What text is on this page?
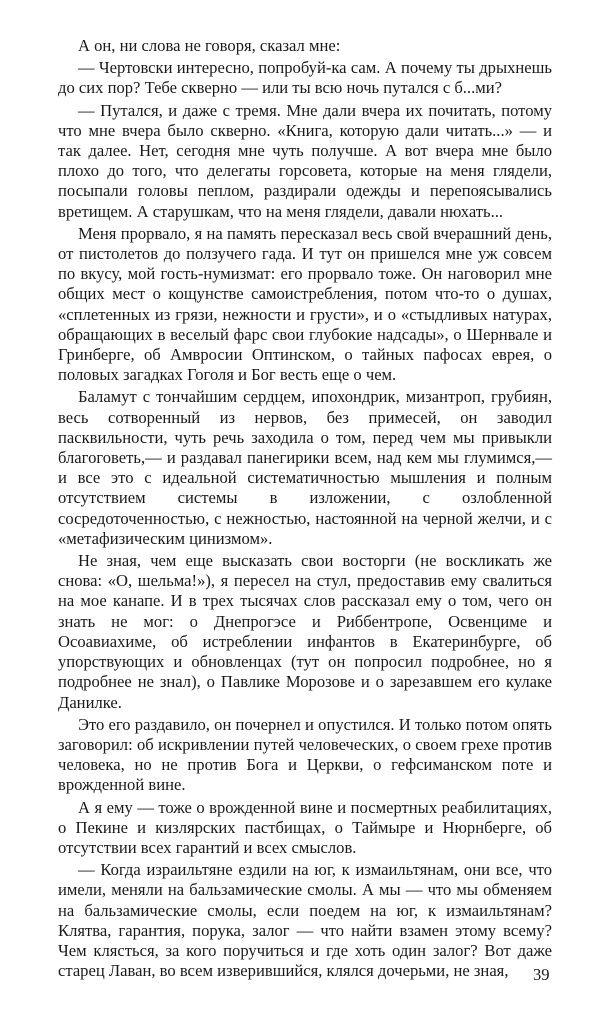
А он, ни слова не говоря, сказал мне:

— Чертовски интересно, попробуй-ка сам. А почему ты дрыхнешь до сих пор? Тебе скверно — или ты всю ночь путался с б...ми?

— Путался, и даже с тремя. Мне дали вчера их почитать, потому что мне вчера было скверно. «Книга, которую дали читать...» — и так далее. Нет, сегодня мне чуть получше. А вот вчера мне было плохо до того, что делегаты горсовета, которые на меня глядели, посыпали головы пеплом, раздирали одежды и перепоясывались вретищем. А старушкам, что на меня глядели, давали нюхать...

Меня прорвало, я на память пересказал весь свой вчерашний день, от пистолетов до ползучего гада. И тут он пришелся мне уж совсем по вкусу, мой гость-нумизмат: его прорвало тоже. Он наговорил мне общих мест о кощунстве самоистребления, потом что-то о душах, «сплетенных из грязи, нежности и грусти», и о «стыдливых натурах, обращающих в веселый фарс свои глубокие надсады», о Шернвале и Гринберге, об Амвросии Оптинском, о тайных пафосах еврея, о половых загадках Гоголя и Бог весть еще о чем.

Баламут с тончайшим сердцем, ипохондрик, мизантроп, грубиян, весь сотворенный из нервов, без примесей, он заводил пасквильности, чуть речь заходила о том, перед чем мы привыкли благоговеть,— и раздавал панегирики всем, над кем мы глумимся,— и все это с идеальной систематичностью мышления и полным отсутствием системы в изложении, с озлобленной сосредоточенностью, с нежностью, настоянной на черной желчи, и с «метафизическим цинизмом».

Не зная, чем еще высказать свои восторги (не воскликать же снова: «О, шельма!»), я пересел на стул, предоставив ему свалиться на мое канапе. И в трех тысячах слов рассказал ему о том, чего он знать не мог: о Днепрогэсе и Риббентропе, Освенциме и Осоавиахиме, об истреблении инфантов в Екатеринбурге, об упорствующих и обновленцах (тут он попросил подробнее, но я подробнее не знал), о Павлике Морозове и о зарезавшем его кулаке Данилке.

Это его раздавило, он почернел и опустился. И только потом опять заговорил: об искривлении путей человеческих, о своем грехе против человека, но не против Бога и Церкви, о гефсиманском поте и врожденной вине.

А я ему — тоже о врожденной вине и посмертных реабилитациях, о Пекине и кизлярских пастбищах, о Таймыре и Нюрнберге, об отсутствии всех гарантий и всех смыслов.

— Когда израильтяне ездили на юг, к измаильтянам, они все, что имели, меняли на бальзамические смолы. А мы — что мы обменяем на бальзамические смолы, если поедем на юг, к измаильтянам? Клятва, гарантия, порука, залог — что найти взамен этому всему? Чем клясться, за кого поручиться и где хоть один залог? Вот даже старец Лаван, во всем изверившийся, клялся дочерьми, не зная,	39
